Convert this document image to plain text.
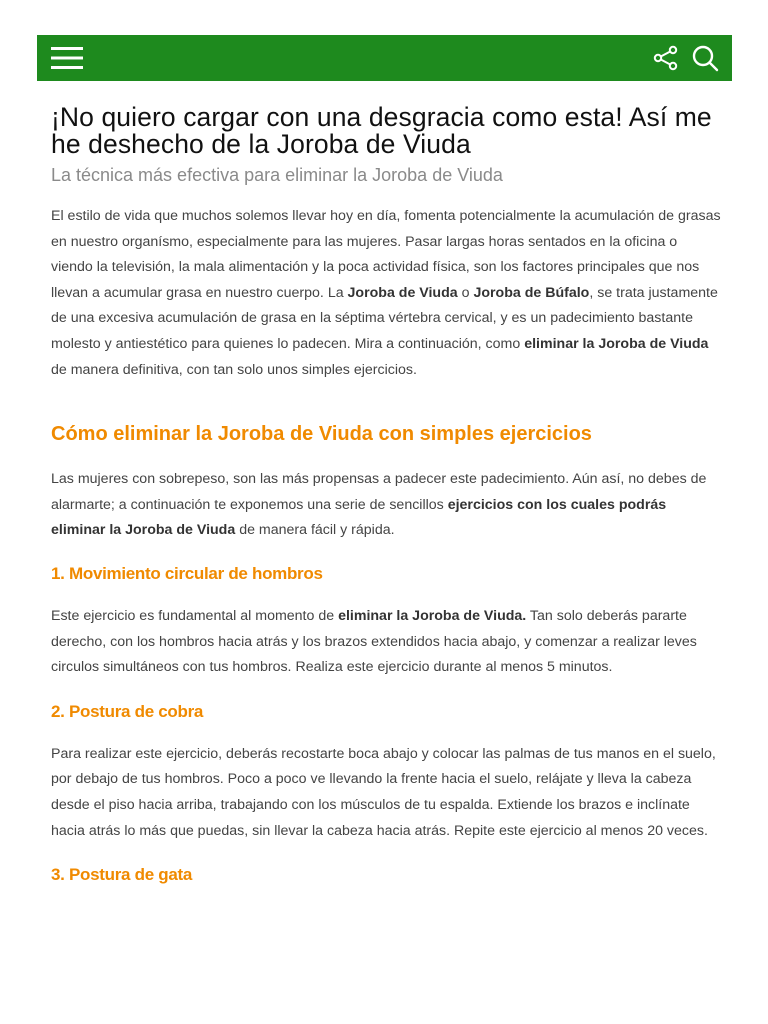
¡No quiero cargar con una desgracia como esta! Así me he deshecho de la Joroba de Viuda
La técnica más efectiva para eliminar la Joroba de Viuda

El estilo de vida que muchos solemos llevar hoy en día, fomenta potencialmente la acumulación de grasas en nuestro organísmo, especialmente para las mujeres. Pasar largas horas sentados en la oficina o viendo la televisión, la mala alimentación y la poca actividad física, son los factores principales que nos llevan a acumular grasa en nuestro cuerpo. La Joroba de Viuda o Joroba de Búfalo, se trata justamente de una excesiva acumulación de grasa en la séptima vértebra cervical, y es un padecimiento bastante molesto y antiestético para quienes lo padecen. Mira a continuación, como eliminar la Joroba de Viuda de manera definitiva, con tan solo unos simples ejercicios.

Cómo eliminar la Joroba de Viuda con simples ejercicios

Las mujeres con sobrepeso, son las más propensas a padecer este padecimiento. Aún así, no debes de alarmarte; a continuación te exponemos una serie de sencillos ejercicios con los cuales podrás eliminar la Joroba de Viuda de manera fácil y rápida.

1. Movimiento circular de hombros

Este ejercicio es fundamental al momento de eliminar la Joroba de Viuda. Tan solo deberás pararte derecho, con los hombros hacia atrás y los brazos extendidos hacia abajo, y comenzar a realizar leves circulos simultáneos con tus hombros. Realiza este ejercicio durante al menos 5 minutos.

2. Postura de cobra

Para realizar este ejercicio, deberás recostarte boca abajo y colocar las palmas de tus manos en el suelo, por debajo de tus hombros. Poco a poco ve llevando la frente hacia el suelo, relájate y lleva la cabeza desde el piso hacia arriba, trabajando con los músculos de tu espalda. Extiende los brazos e inclínate hacia atrás lo más que puedas, sin llevar la cabeza hacia atrás. Repite este ejercicio al menos 20 veces.

3. Postura de gata
